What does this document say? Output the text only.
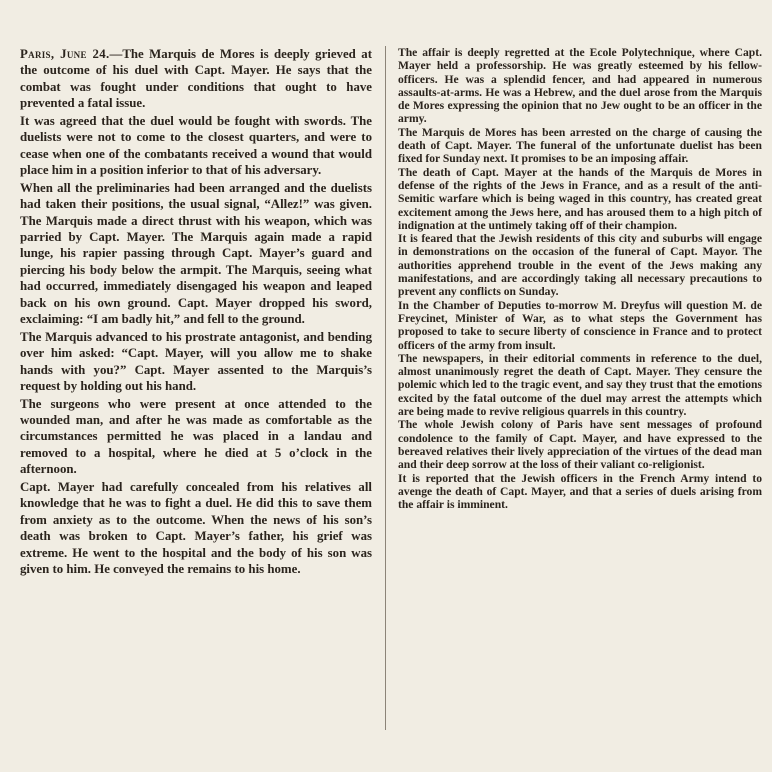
Paris, June 24.—The Marquis de Mores is deeply grieved at the outcome of his duel with Capt. Mayer. He says that the combat was fought under conditions that ought to have prevented a fatal issue.

It was agreed that the duel would be fought with swords. The duelists were not to come to the closest quarters, and were to cease when one of the combatants received a wound that would place him in a position inferior to that of his adversary.

When all the preliminaries had been arranged and the duelists had taken their positions, the usual signal, “Allez!” was given. The Marquis made a direct thrust with his weapon, which was parried by Capt. Mayer. The Marquis again made a rapid lunge, his rapier passing through Capt. Mayer’s guard and piercing his body below the armpit. The Marquis, seeing what had occurred, immediately disengaged his weapon and leaped back on his own ground. Capt. Mayer dropped his sword, exclaiming: “I am badly hit,” and fell to the ground.

The Marquis advanced to his prostrate antagonist, and bending over him asked: “Capt. Mayer, will you allow me to shake hands with you?” Capt. Mayer assented to the Marquis’s request by holding out his hand.

The surgeons who were present at once attended to the wounded man, and after he was made as comfortable as the circumstances permitted he was placed in a landau and removed to a hospital, where he died at 5 o’clock in the afternoon.

Capt. Mayer had carefully concealed from his relatives all knowledge that he was to fight a duel. He did this to save them from anxiety as to the outcome. When the news of his son’s death was broken to Capt. Mayer’s father, his grief was extreme. He went to the hospital and the body of his son was given to him. He conveyed the remains to his home.

The affair is deeply regretted at the Ecole Polytechnique, where Capt. Mayer held a professorship. He was greatly esteemed by his fellow-officers. He was a splendid fencer, and had appeared in numerous assaults-at-arms. He was a Hebrew, and the duel arose from the Marquis de Mores expressing the opinion that no Jew ought to be an officer in the army.

The Marquis de Mores has been arrested on the charge of causing the death of Capt. Mayer. The funeral of the unfortunate duelist has been fixed for Sunday next. It promises to be an imposing affair.

The death of Capt. Mayer at the hands of the Marquis de Mores in defense of the rights of the Jews in France, and as a result of the anti-Semitic warfare which is being waged in this country, has created great excitement among the Jews here, and has aroused them to a high pitch of indignation at the untimely taking off of their champion.

It is feared that the Jewish residents of this city and suburbs will engage in demonstrations on the occasion of the funeral of Capt. Mayor. The authorities apprehend trouble in the event of the Jews making any manifestations, and are accordingly taking all necessary precautions to prevent any conflicts on Sunday.

In the Chamber of Deputies to-morrow M. Dreyfus will question M. de Freycinet, Minister of War, as to what steps the Government has proposed to take to secure liberty of conscience in France and to protect officers of the army from insult.

The newspapers, in their editorial comments in reference to the duel, almost unanimously regret the death of Capt. Mayer. They censure the polemic which led to the tragic event, and say they trust that the emotions excited by the fatal outcome of the duel may arrest the attempts which are being made to revive religious quarrels in this country.

The whole Jewish colony of Paris have sent messages of profound condolence to the family of Capt. Mayer, and have expressed to the bereaved relatives their lively appreciation of the virtues of the dead man and their deep sorrow at the loss of their valiant co-religionist.

It is reported that the Jewish officers in the French Army intend to avenge the death of Capt. Mayer, and that a series of duels arising from the affair is imminent.
